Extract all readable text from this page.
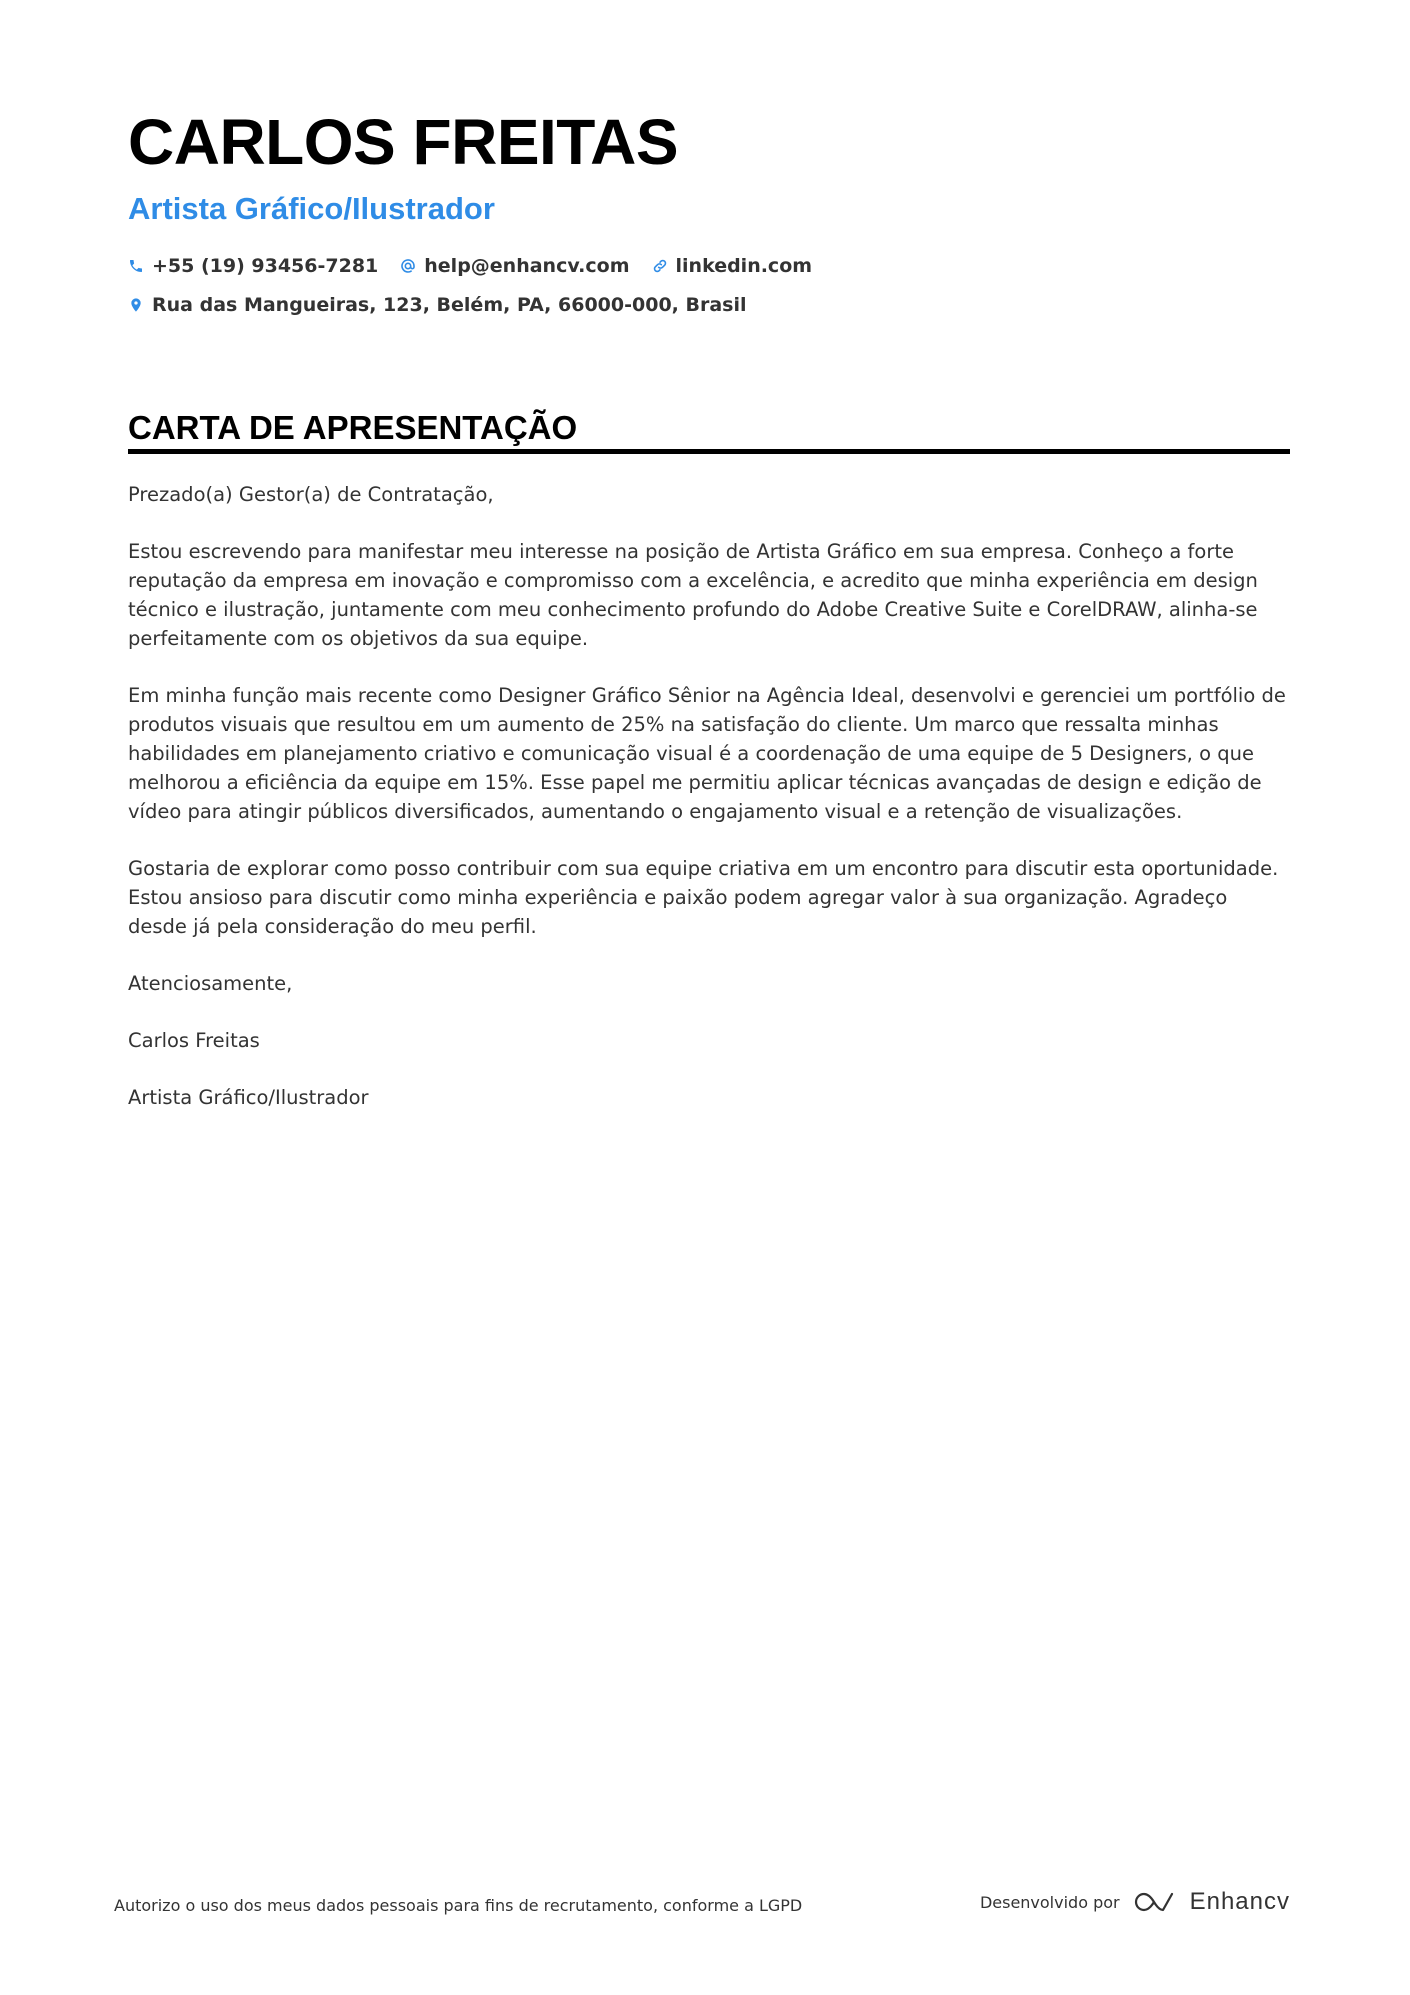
CARLOS FREITAS
Artista Gráfico/Ilustrador
+55 (19) 93456-7281 help@enhancv.com linkedin.com
Rua das Mangueiras, 123, Belém, PA, 66000-000, Brasil
CARTA DE APRESENTAÇÃO

Prezado(a) Gestor(a) de Contratação,

Estou escrevendo para manifestar meu interesse na posição de Artista Gráfico em sua empresa. Conheço a forte reputação da empresa em inovação e compromisso com a excelência, e acredito que minha experiência em design técnico e ilustração, juntamente com meu conhecimento profundo do Adobe Creative Suite e CorelDRAW, alinha-se perfeitamente com os objetivos da sua equipe.

Em minha função mais recente como Designer Gráfico Sênior na Agência Ideal, desenvolvi e gerenciei um portfólio de produtos visuais que resultou em um aumento de 25% na satisfação do cliente. Um marco que ressalta minhas habilidades em planejamento criativo e comunicação visual é a coordenação de uma equipe de 5 Designers, o que melhorou a eficiência da equipe em 15%. Esse papel me permitiu aplicar técnicas avançadas de design e edição de vídeo para atingir públicos diversificados, aumentando o engajamento visual e a retenção de visualizações.

Gostaria de explorar como posso contribuir com sua equipe criativa em um encontro para discutir esta oportunidade. Estou ansioso para discutir como minha experiência e paixão podem agregar valor à sua organização. Agradeço desde já pela consideração do meu perfil.

Atenciosamente,

Carlos Freitas

Artista Gráfico/Ilustrador

Autorizo o uso dos meus dados pessoais para fins de recrutamento, conforme a LGPD	Desenvolvido por	Enhancv
